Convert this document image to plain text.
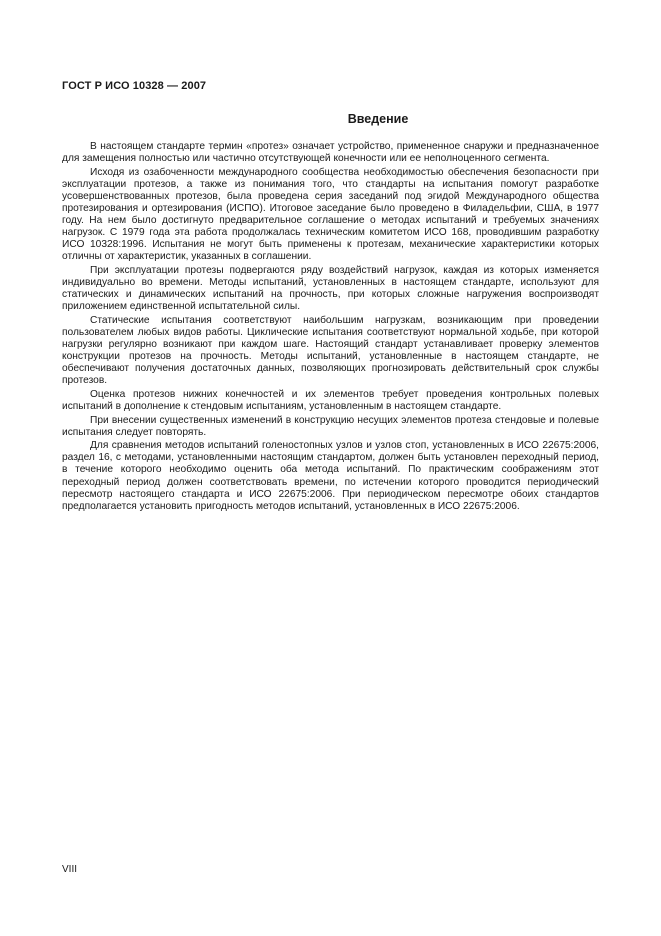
ГОСТ Р ИСО 10328 — 2007
Введение

В настоящем стандарте термин «протез» означает устройство, примененное снаружи и предназначенное для замещения полностью или частично отсутствующей конечности или ее неполноценного сегмента.

Исходя из озабоченности международного сообщества необходимостью обеспечения безопасности при эксплуатации протезов, а также из понимания того, что стандарты на испытания помогут разработке усовершенствованных протезов, была проведена серия заседаний под эгидой Международного общества протезирования и ортезирования (ИСПО). Итоговое заседание было проведено в Филадельфии, США, в 1977 году. На нем было достигнуто предварительное соглашение о методах испытаний и требуемых значениях нагрузок. С 1979 года эта работа продолжалась техническим комитетом ИСО 168, проводившим разработку ИСО 10328:1996. Испытания не могут быть применены к протезам, механические характеристики которых отличны от характеристик, указанных в соглашении.

При эксплуатации протезы подвергаются ряду воздействий нагрузок, каждая из которых изменяется индивидуально во времени. Методы испытаний, установленных в настоящем стандарте, используют для статических и динамических испытаний на прочность, при которых сложные нагружения воспроизводят приложением единственной испытательной силы.

Статические испытания соответствуют наибольшим нагрузкам, возникающим при проведении пользователем любых видов работы. Циклические испытания соответствуют нормальной ходьбе, при которой нагрузки регулярно возникают при каждом шаге. Настоящий стандарт устанавливает проверку элементов конструкции протезов на прочность. Методы испытаний, установленные в настоящем стандарте, не обеспечивают получения достаточных данных, позволяющих прогнозировать действительный срок службы протезов.

Оценка протезов нижних конечностей и их элементов требует проведения контрольных полевых испытаний в дополнение к стендовым испытаниям, установленным в настоящем стандарте.

При внесении существенных изменений в конструкцию несущих элементов протеза стендовые и полевые испытания следует повторять.

Для сравнения методов испытаний голеностопных узлов и узлов стоп, установленных в ИСО 22675:2006, раздел 16, с методами, установленными настоящим стандартом, должен быть установлен переходный период, в течение которого необходимо оценить оба метода испытаний. По практическим соображениям этот переходный период должен соответствовать времени, по истечении которого проводится периодический пересмотр настоящего стандарта и ИСО 22675:2006. При периодическом пересмотре обоих стандартов предполагается установить пригодность методов испытаний, установленных в ИСО 22675:2006.

VIII
